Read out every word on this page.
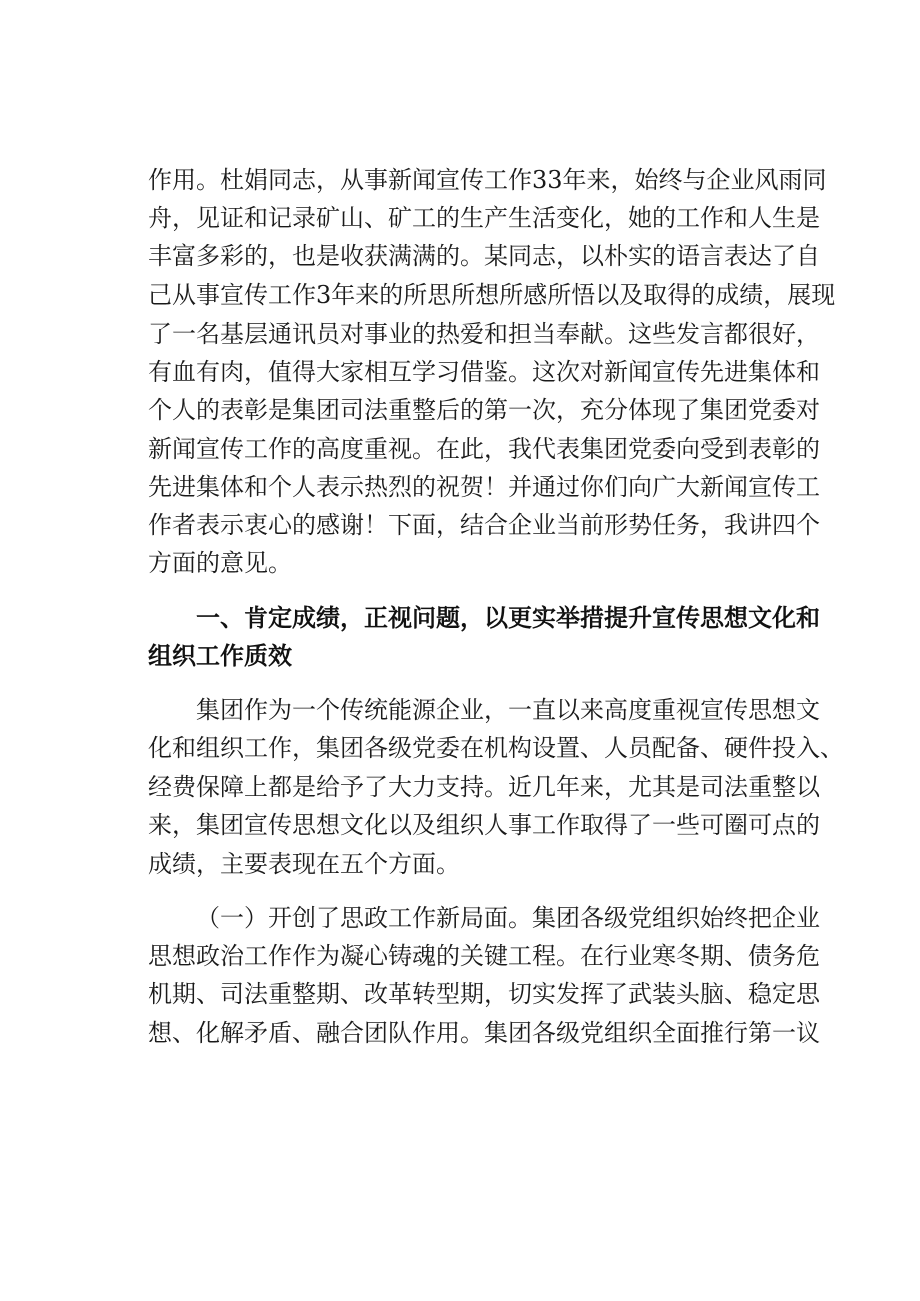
作用。杜娟同志，从事新闻宣传工作33年来，始终与企业风雨同

舟，见证和记录矿山、矿工的生产生活变化，她的工作和人生是

丰富多彩的，也是收获满满的。某同志，以朴实的语言表达了自

己从事宣传工作3年来的所思所想所感所悟以及取得的成绩，展现

了一名基层通讯员对事业的热爱和担当奉献。这些发言都很好，

有血有肉，值得大家相互学习借鉴。这次对新闻宣传先进集体和

个人的表彰是集团司法重整后的第一次，充分体现了集团党委对

新闻宣传工作的高度重视。在此，我代表集团党委向受到表彰的

先进集体和个人表示热烈的祝贺！并通过你们向广大新闻宣传工

作者表示衷心的感谢！下面，结合企业当前形势任务，我讲四个

方面的意见。

一、肯定成绩，正视问题，以更实举措提升宣传思想文化和

组织工作质效

集团作为一个传统能源企业，一直以来高度重视宣传思想文

化和组织工作，集团各级党委在机构设置、人员配备、硬件投入、

经费保障上都是给予了大力支持。近几年来，尤其是司法重整以

来，集团宣传思想文化以及组织人事工作取得了一些可圈可点的

成绩，主要表现在五个方面。

（一）开创了思政工作新局面。集团各级党组织始终把企业

思想政治工作作为凝心铸魂的关键工程。在行业寒冬期、债务危

机期、司法重整期、改革转型期，切实发挥了武装头脑、稳定思

想、化解矛盾、融合团队作用。集团各级党组织全面推行第一议
